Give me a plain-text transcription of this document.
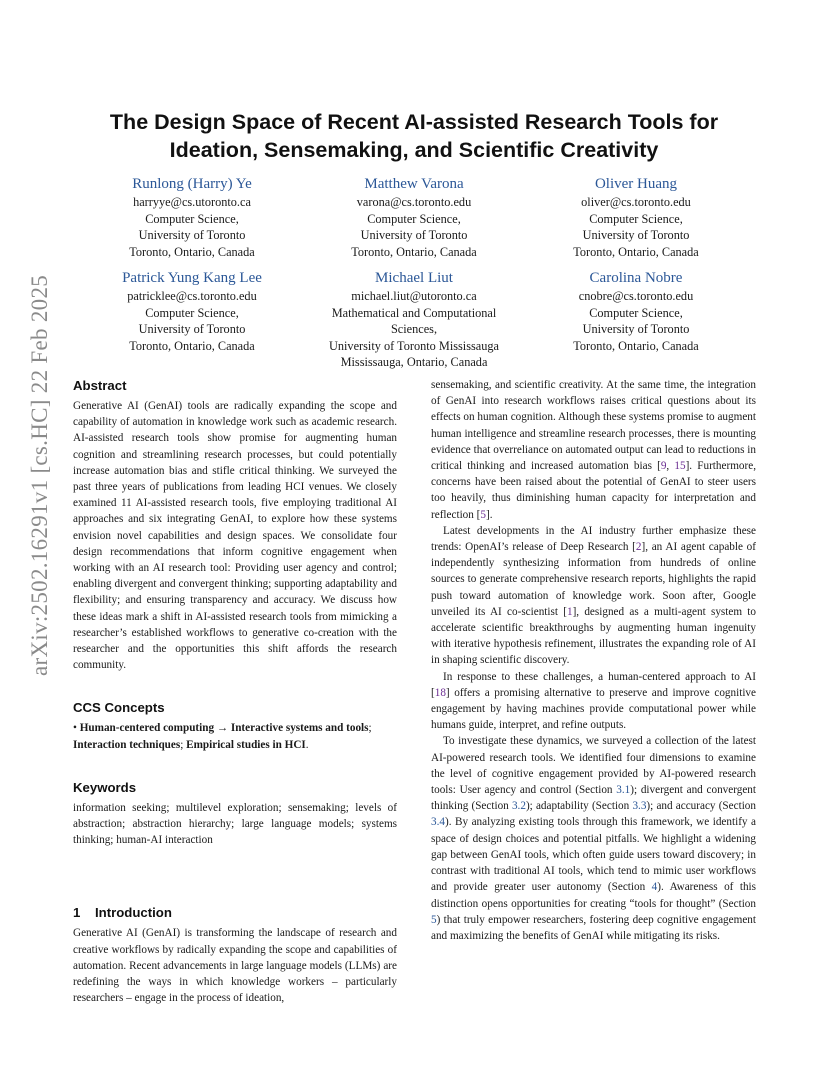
arXiv:2502.16291v1 [cs.HC] 22 Feb 2025
The Design Space of Recent AI-assisted Research Tools for
Ideation, Sensemaking, and Scientific Creativity
Runlong (Harry) Ye
harryye@cs.utoronto.ca
Computer Science,
University of Toronto
Toronto, Ontario, Canada
Matthew Varona
varona@cs.toronto.edu
Computer Science,
University of Toronto
Toronto, Ontario, Canada
Oliver Huang
oliver@cs.toronto.edu
Computer Science,
University of Toronto
Toronto, Ontario, Canada
Patrick Yung Kang Lee
patricklee@cs.toronto.edu
Computer Science,
University of Toronto
Toronto, Ontario, Canada
Michael Liut
michael.liut@utoronto.ca
Mathematical and Computational
Sciences,
University of Toronto Mississauga
Mississauga, Ontario, Canada
Carolina Nobre
cnobre@cs.toronto.edu
Computer Science,
University of Toronto
Toronto, Ontario, Canada
Abstract

Generative AI (GenAI) tools are radically expanding the scope and capability of automation in knowledge work such as academic research. AI-assisted research tools show promise for augmenting human cognition and streamlining research processes, but could potentially increase automation bias and stifle critical thinking. We surveyed the past three years of publications from leading HCI venues. We closely examined 11 AI-assisted research tools, five employing traditional AI approaches and six integrating GenAI, to explore how these systems envision novel capabilities and design spaces. We consolidate four design recommendations that inform cognitive engagement when working with an AI research tool: Providing user agency and control; enabling divergent and convergent thinking; supporting adaptability and flexibility; and ensuring transparency and accuracy. We discuss how these ideas mark a shift in AI-assisted research tools from mimicking a researcher’s established workflows to generative co-creation with the researcher and the opportunities this shift affords the research community.

CCS Concepts

• Human-centered computing → Interactive systems and tools; Interaction techniques; Empirical studies in HCI.

Keywords

information seeking; multilevel exploration; sensemaking; levels of abstraction; abstraction hierarchy; large language models; systems thinking; human-AI interaction

1 Introduction

Generative AI (GenAI) is transforming the landscape of research and creative workflows by radically expanding the scope and capabilities of automation. Recent advancements in large language models (LLMs) are redefining the ways in which knowledge workers – particularly researchers – engage in the process of ideation,

sensemaking, and scientific creativity. At the same time, the integration of GenAI into research workflows raises critical questions about its effects on human cognition. Although these systems promise to augment human intelligence and streamline research processes, there is mounting evidence that overreliance on automated output can lead to reductions in critical thinking and increased automation bias [9, 15]. Furthermore, concerns have been raised about the potential of GenAI to steer users too heavily, thus diminishing human capacity for interpretation and reflection [5].

Latest developments in the AI industry further emphasize these trends: OpenAI’s release of Deep Research [2], an AI agent capable of independently synthesizing information from hundreds of online sources to generate comprehensive research reports, highlights the rapid push toward automation of knowledge work. Soon after, Google unveiled its AI co-scientist [1], designed as a multi-agent system to accelerate scientific breakthroughs by augmenting human ingenuity with iterative hypothesis refinement, illustrates the expanding role of AI in shaping scientific discovery.

In response to these challenges, a human-centered approach to AI [18] offers a promising alternative to preserve and improve cognitive engagement by having machines provide computational power while humans guide, interpret, and refine outputs.

To investigate these dynamics, we surveyed a collection of the latest AI-powered research tools. We identified four dimensions to examine the level of cognitive engagement provided by AI-powered research tools: User agency and control (Section 3.1); divergent and convergent thinking (Section 3.2); adaptability (Section 3.3); and accuracy (Section 3.4). By analyzing existing tools through this framework, we identify a space of design choices and potential pitfalls. We highlight a widening gap between GenAI tools, which often guide users toward discovery; in contrast with traditional AI tools, which tend to mimic user workflows and provide greater user autonomy (Section 4). Awareness of this distinction opens opportunities for creating “tools for thought” (Section 5) that truly empower researchers, fostering deep cognitive engagement and maximizing the benefits of GenAI while mitigating its risks.
